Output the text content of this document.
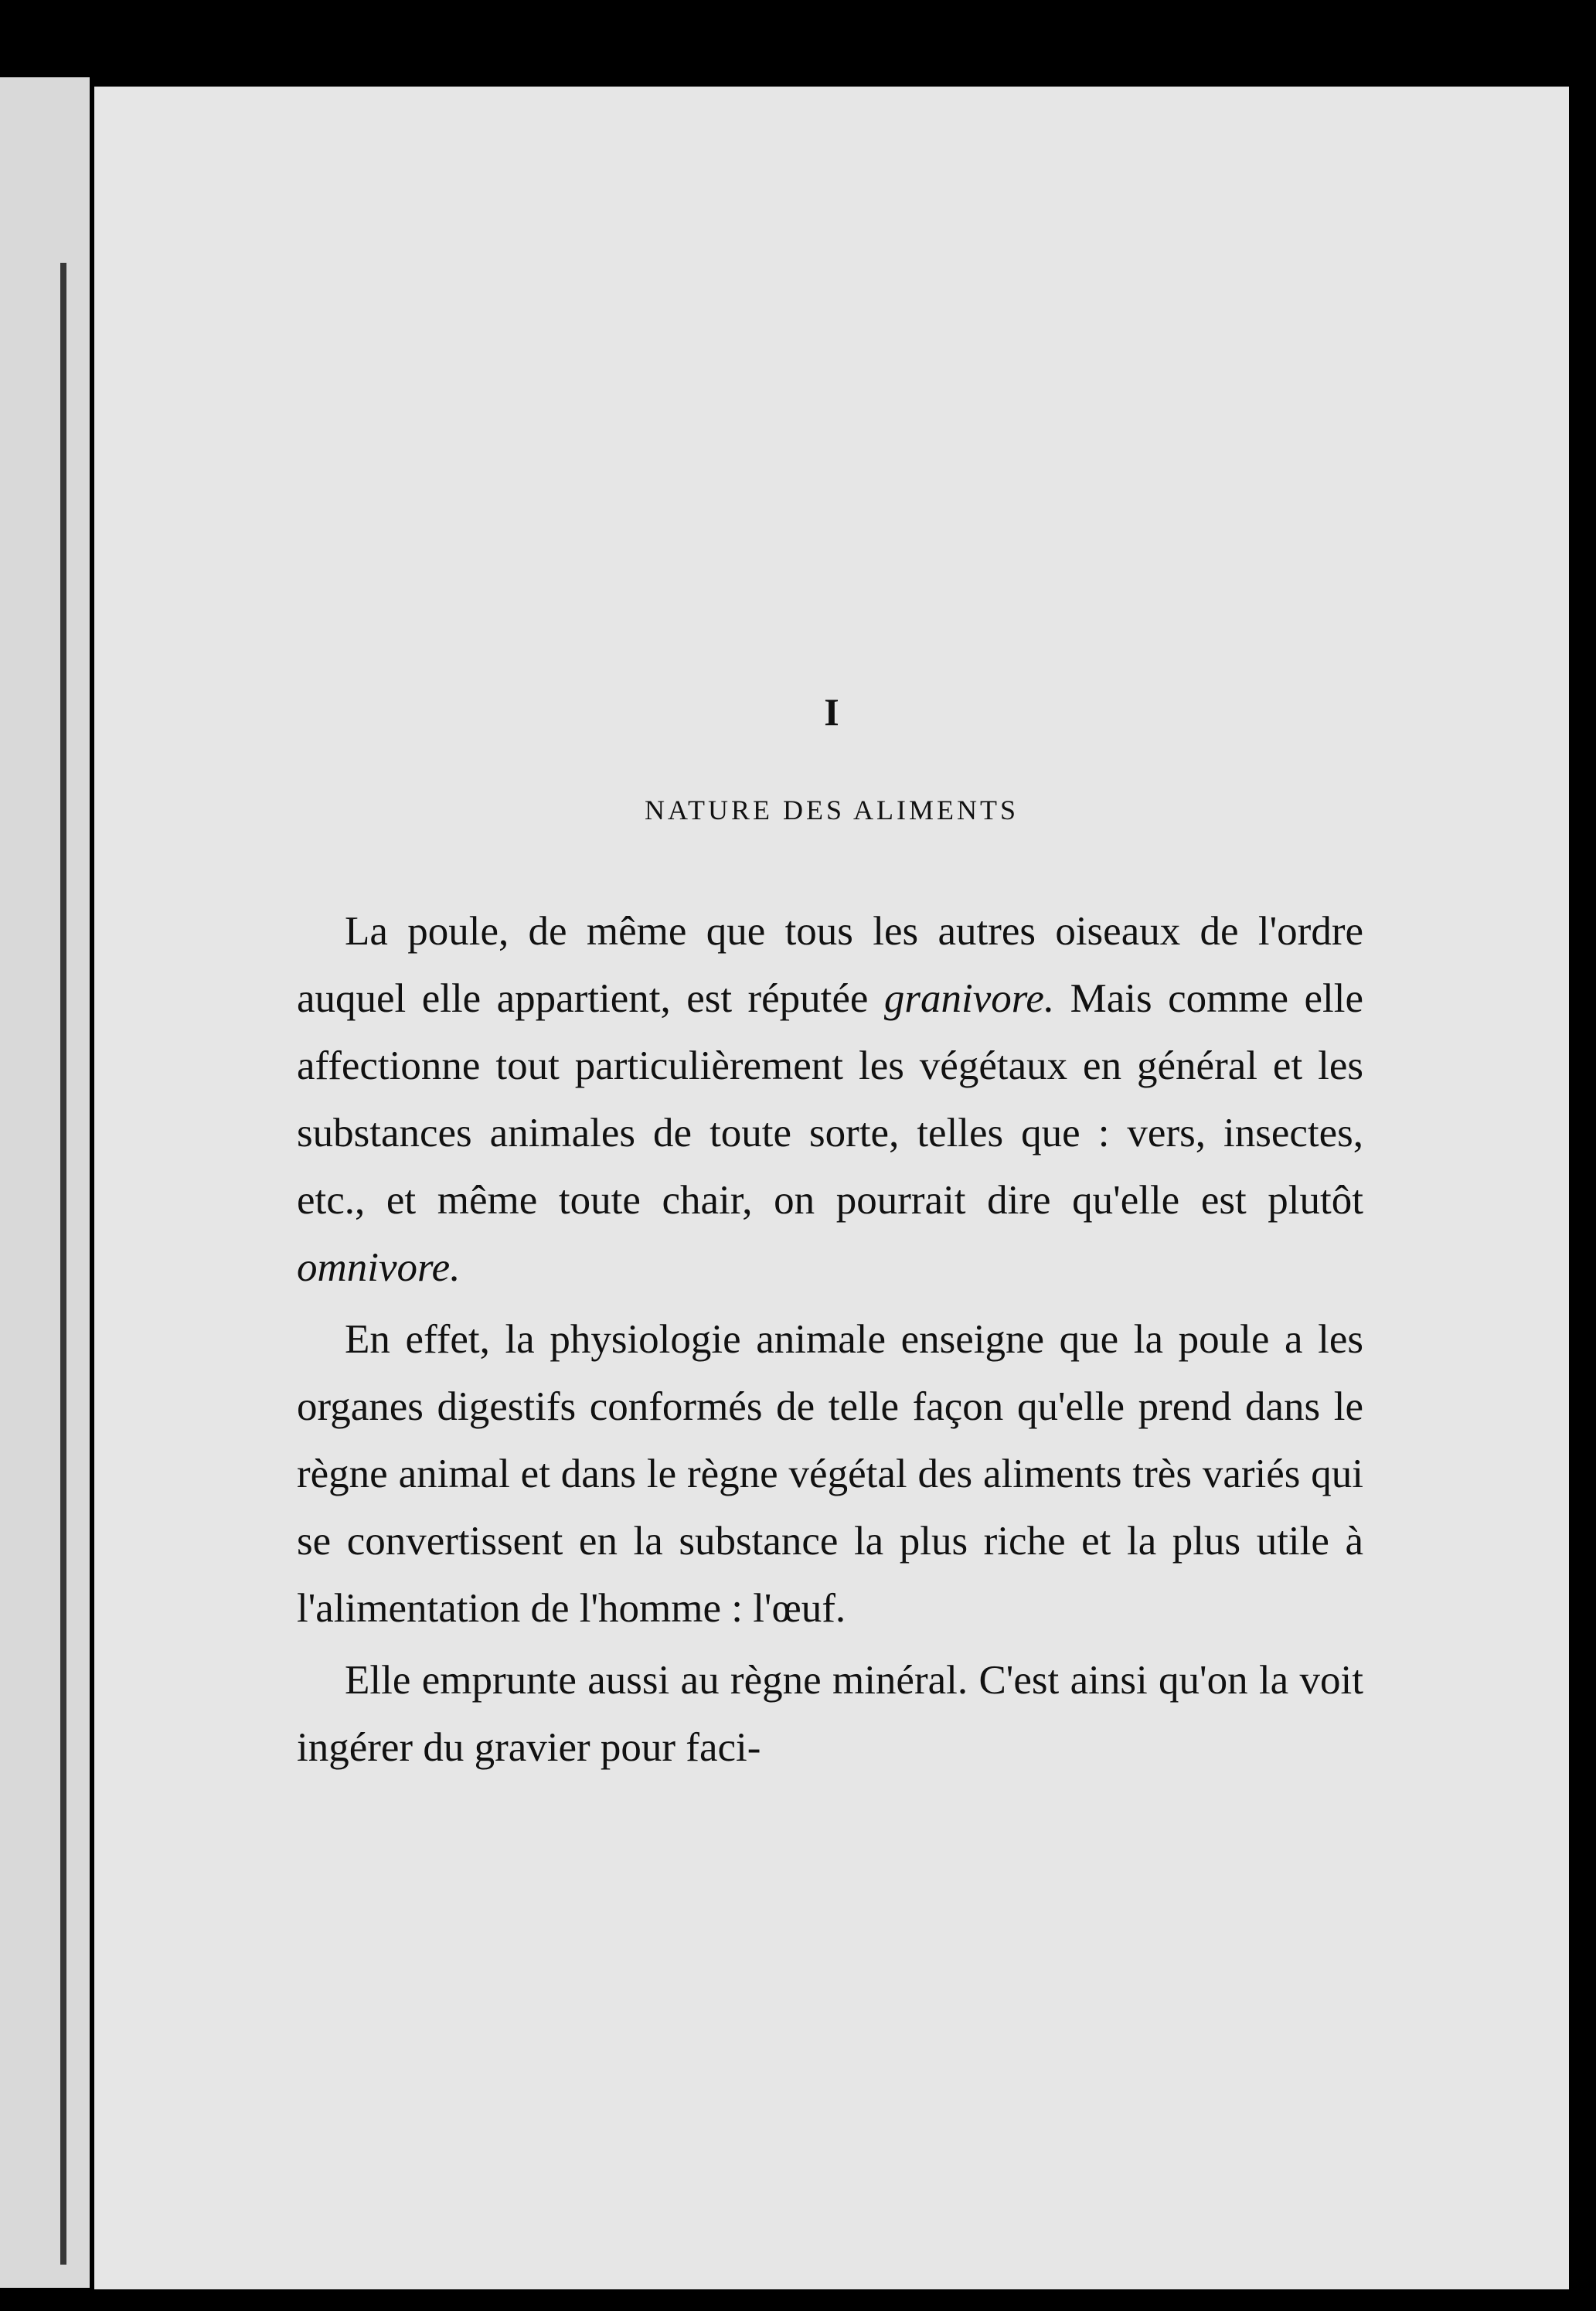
I
NATURE DES ALIMENTS

La poule, de même que tous les autres oiseaux de l'ordre auquel elle appartient, est réputée granivore. Mais comme elle affectionne tout particulièrement les végétaux en général et les substances animales de toute sorte, telles que : vers, insectes, etc., et même toute chair, on pourrait dire qu'elle est plutôt omnivore.

En effet, la physiologie animale enseigne que la poule a les organes digestifs conformés de telle façon qu'elle prend dans le règne animal et dans le règne végétal des aliments très variés qui se convertissent en la substance la plus riche et la plus utile à l'alimentation de l'homme : l'œuf.

Elle emprunte aussi au règne minéral. C'est ainsi qu'on la voit ingérer du gravier pour faci-
